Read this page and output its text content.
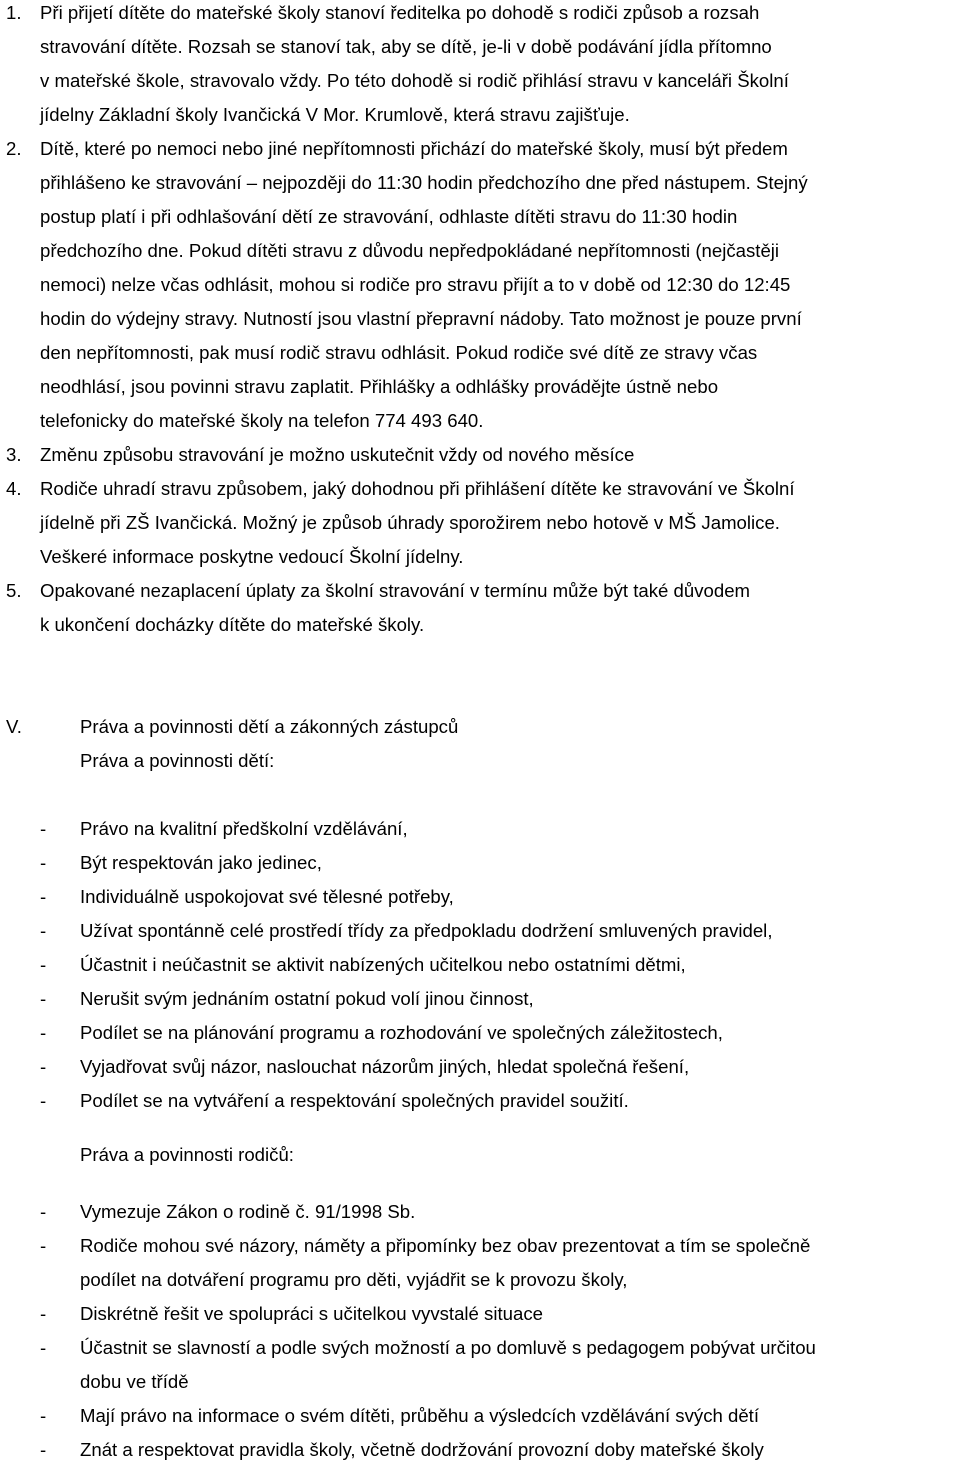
1. Při přijetí dítěte do mateřské školy stanoví ředitelka po dohodě s rodiči způsob a rozsah
stravování dítěte. Rozsah se stanoví tak, aby se dítě, je-li v době podávání jídla přítomno
v mateřské škole, stravovalo vždy. Po této dohodě si rodič přihlásí stravu v kanceláři Školní
jídelny Základní školy Ivančická V Mor. Krumlově, která stravu zajišťuje.
2. Dítě, které po nemoci nebo jiné nepřítomnosti přichází do mateřské školy, musí být předem
přihlášeno ke stravování – nejpozději do 11:30 hodin předchozího dne před nástupem. Stejný
postup platí i při odhlašování dětí ze stravování, odhlaste dítěti stravu do 11:30 hodin
předchozího dne. Pokud dítěti stravu z důvodu nepředpokládané nepřítomnosti (nejčastěji
nemoci) nelze včas odhlásit, mohou si rodiče pro stravu přijít a to v době od 12:30 do 12:45
hodin do výdejny stravy. Nutností jsou vlastní přepravní nádoby. Tato možnost je pouze první
den nepřítomnosti, pak musí rodič stravu odhlásit. Pokud rodiče své dítě ze stravy včas
neodhlásí, jsou povinni stravu zaplatit. Přihlášky a odhlášky provádějte ústně nebo
telefonicky do mateřské školy na telefon 774 493 640.
3. Změnu způsobu stravování je možno uskutečnit vždy od nového měsíce
4. Rodiče uhradí stravu způsobem, jaký dohodnou při přihlášení dítěte ke stravování ve Školní
jídelně při ZŠ Ivančická. Možný je způsob úhrady sporožirem nebo hotově v MŠ Jamolice.
Veškeré informace poskytne vedoucí Školní jídelny.
5. Opakované nezaplacení úplaty za školní stravování v termínu může být také důvodem
k ukončení docházky dítěte do mateřské školy.
V.	Práva a povinnosti dětí a zákonných zástupců
Práva a povinnosti dětí:
- Právo na kvalitní předškolní vzdělávání,
- Být respektován jako jedinec,
- Individuálně uspokojovat své tělesné potřeby,
- Užívat spontánně celé prostředí třídy za předpokladu dodržení smluvených pravidel,
- Účastnit i neúčastnit se aktivit nabízených učitelkou nebo ostatními dětmi,
- Nerušit svým jednáním ostatní pokud volí jinou činnost,
- Podílet se na plánování programu a rozhodování ve společných záležitostech,
- Vyjadřovat svůj názor, naslouchat názorům jiných, hledat společná řešení,
- Podílet se na vytváření a respektování společných pravidel soužití.
Práva a povinnosti rodičů:
- Vymezuje Zákon o rodině č. 91/1998 Sb.
- Rodiče mohou své názory, náměty a připomínky bez obav prezentovat a tím se společně
podílet na dotváření programu pro děti, vyjádřit se k provozu školy,
- Diskrétně řešit ve spolupráci s učitelkou vyvstalé situace
- Účastnit se slavností a podle svých možností a po domluvě s pedagogem pobývat určitou
dobu ve třídě
- Mají právo na informace o svém dítěti, průběhu a výsledcích vzdělávání svých dětí
- Znát a respektovat pravidla školy, včetně dodržování provozní doby mateřské školy
